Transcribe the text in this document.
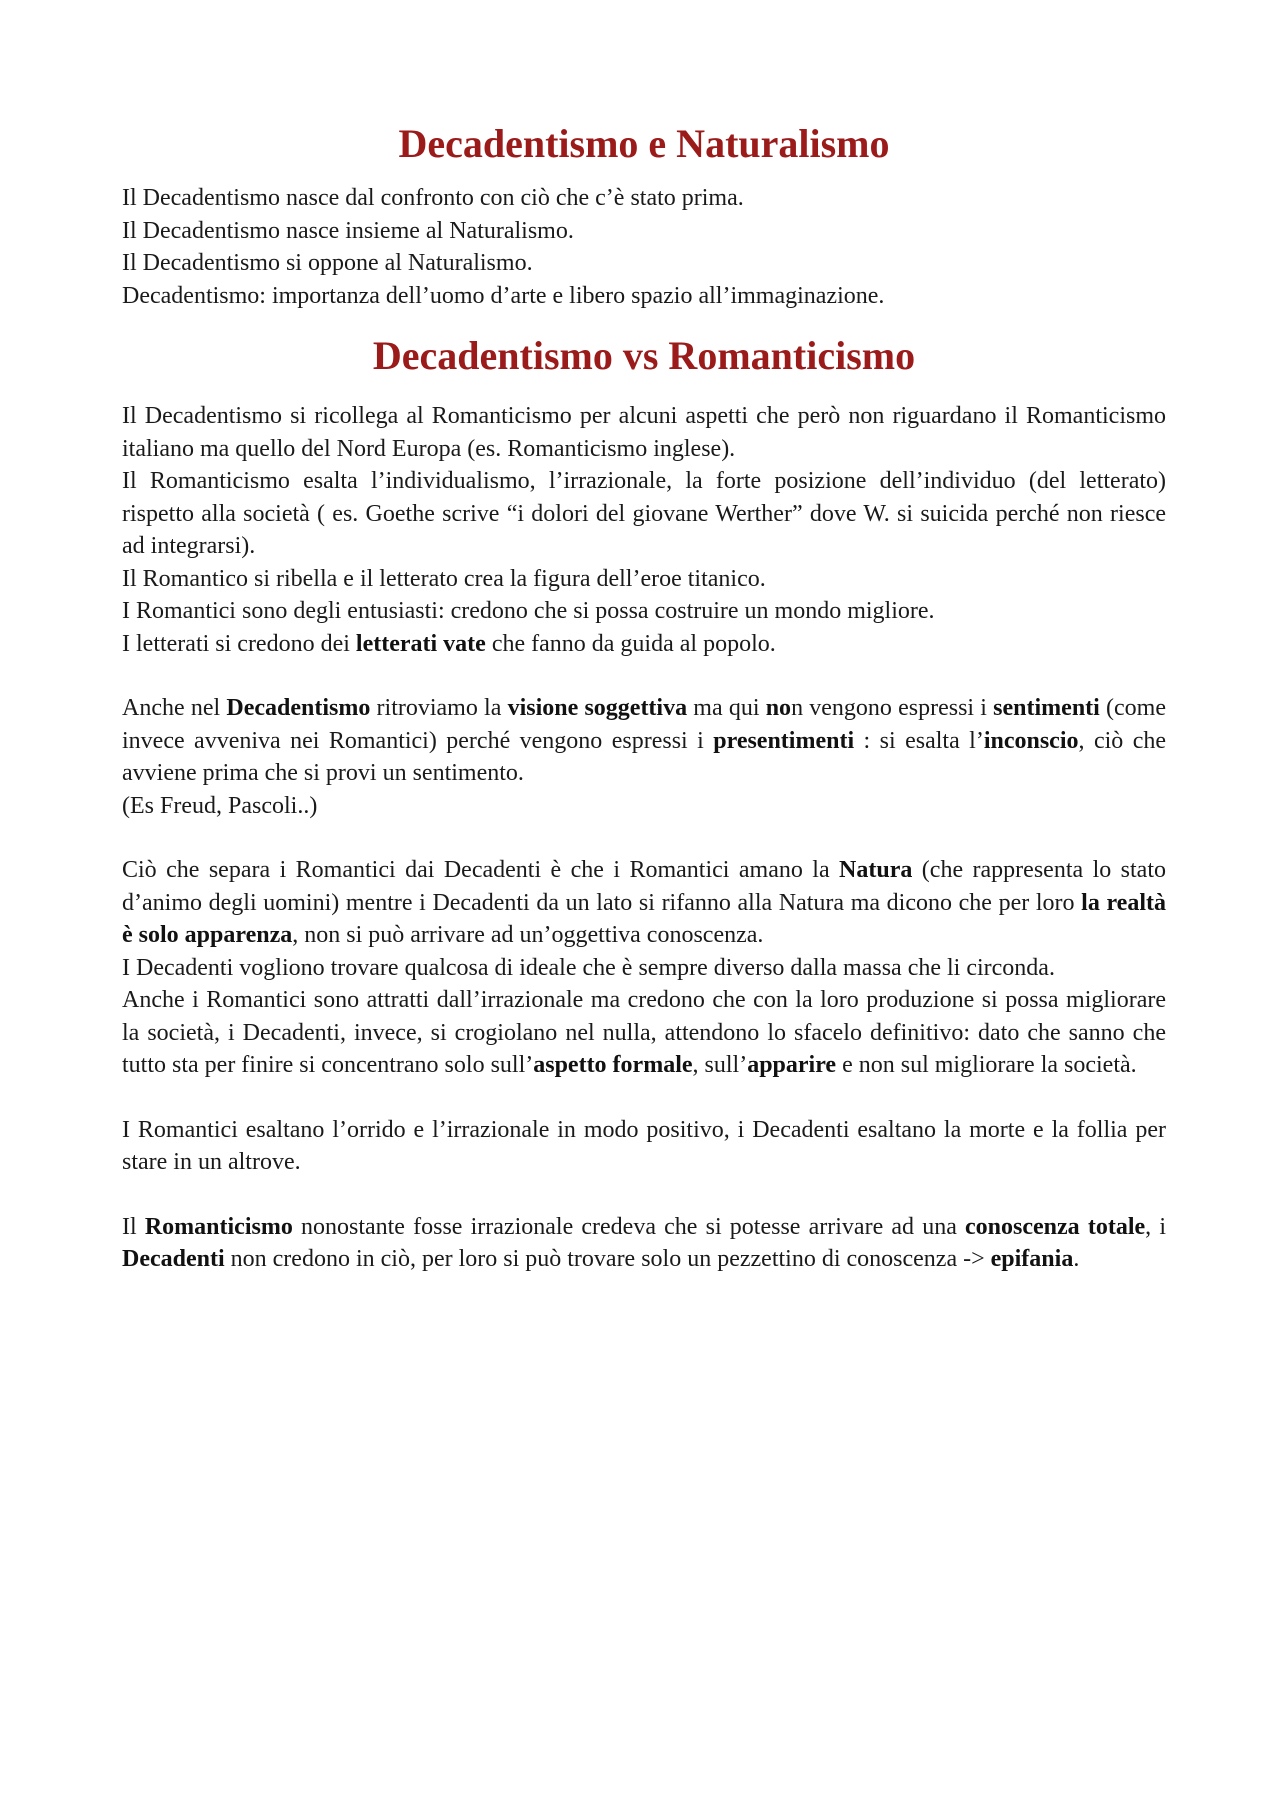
Decadentismo e Naturalismo

Il Decadentismo nasce dal confronto con ciò che c’è stato prima.

Il Decadentismo nasce insieme al Naturalismo.

Il Decadentismo si oppone al Naturalismo.

Decadentismo: importanza dell’uomo d’arte e libero spazio all’immaginazione.

Decadentismo vs Romanticismo

Il Decadentismo si ricollega al Romanticismo per alcuni aspetti che però non riguardano il Romanticismo italiano ma quello del Nord Europa (es. Romanticismo inglese).

Il Romanticismo esalta l’individualismo, l’irrazionale, la forte posizione dell’individuo (del letterato) rispetto alla società ( es. Goethe scrive “i dolori del giovane Werther” dove W. si suicida perché non riesce ad integrarsi).

Il Romantico si ribella e il letterato crea la figura dell’eroe titanico.

I Romantici sono degli entusiasti: credono che si possa costruire un mondo migliore.

I letterati si credono dei letterati vate che fanno da guida al popolo.

Anche nel Decadentismo ritroviamo la visione soggettiva ma qui non vengono espressi i sentimenti (come invece avveniva nei Romantici) perché vengono espressi i presentimenti : si esalta l’inconscio, ciò che avviene prima che si provi un sentimento.

(Es Freud, Pascoli..)

Ciò che separa i Romantici dai Decadenti è che i Romantici amano la Natura (che rappresenta lo stato d’animo degli uomini) mentre i Decadenti da un lato si rifanno alla Natura ma dicono che per loro la realtà è solo apparenza, non si può arrivare ad un’oggettiva conoscenza.

I Decadenti vogliono trovare qualcosa di ideale che è sempre diverso dalla massa che li circonda.

Anche i Romantici sono attratti dall’irrazionale ma credono che con la loro produzione si possa migliorare la società, i Decadenti, invece, si crogiolano nel nulla, attendono lo sfacelo definitivo: dato che sanno che tutto sta per finire si concentrano solo sull’aspetto formale, sull’apparire e non sul migliorare la società.

I Romantici esaltano l’orrido e l’irrazionale in modo positivo, i Decadenti esaltano la morte e la follia per stare in un altrove.

Il Romanticismo nonostante fosse irrazionale credeva che si potesse arrivare ad una conoscenza totale, i Decadenti non credono in ciò, per loro si può trovare solo un pezzettino di conoscenza -> epifania.
